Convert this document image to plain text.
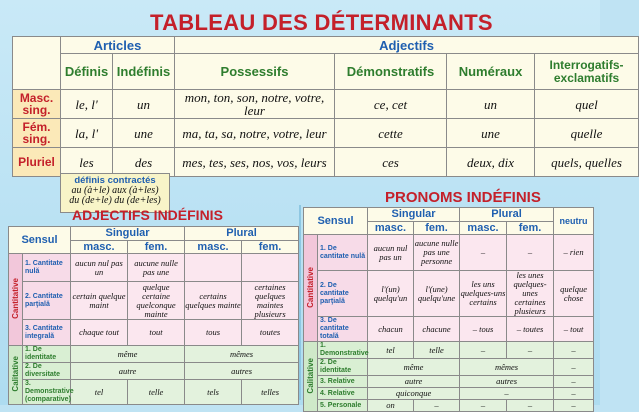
TABLEAU DES DÉTERMINANTS
	Articles		Adjectifs			
	Définis	Indéfinis	Possessifs	Démonstratifs	Numéraux	Interrogatifs-exclamatifs
Masc. sing.	le, l'	un	mon, ton, son, notre, votre, leur	ce, cet	un	quel
Fém. sing.	la, l'	une	ma, ta, sa, notre, votre, leur	cette	une	quelle
Pluriel	les	des	mes, tes, ses, nos, vos, leurs	ces	deux, dix	quels, quelles
définis contractés
au (à+le) aux (à+les)
du (de+le) du (de+les)
ADJECTIFS INDÉFINIS
PRONOMS INDÉFINIS
Sensul		Singular		Plural	
		masc.	fem.	masc.	fem.
Cantitative	1. Cantitate nulă	aucun nul pas un	aucune nulle pas une		
	2. Cantitate parţială	certain quelque maint	quelque certaine quelconque mainte	certains quelques mainte	certaines quelques maintes plusieurs
	3. Cantitate integrală	chaque tout	tout	tous	toutes
Calitative	1. De identitate	même		mêmes	
	2. De diversitate	autre		autres	
	3. Demonstrative (comparative)	tel	telle	tels	telles
Sensul		Singular		Plural		neutru
		masc.	fem.	masc.	fem.	
Cantitative	1. De cantitate nulă	aucun nul pas un	aucune nulle pas une personne	–	–	– rien
	2. De cantitate parţială	l'(un) quelqu'un	l'(une) quelqu'une	les uns quelques-uns certains	les unes quelques-unes certaines plusieurs	quelque chose
	3. De cantitate totală	chacun	chacune	– tous	– toutes	– tout
Calitative	1. Demonstrative	tel	telle	–	–	–
	2. De identitate	même		mêmes		–
	3. Relative	autre		autres		–
	4. Relative	quiconque		–		–
	5. Personale	on	–	–	–	–
